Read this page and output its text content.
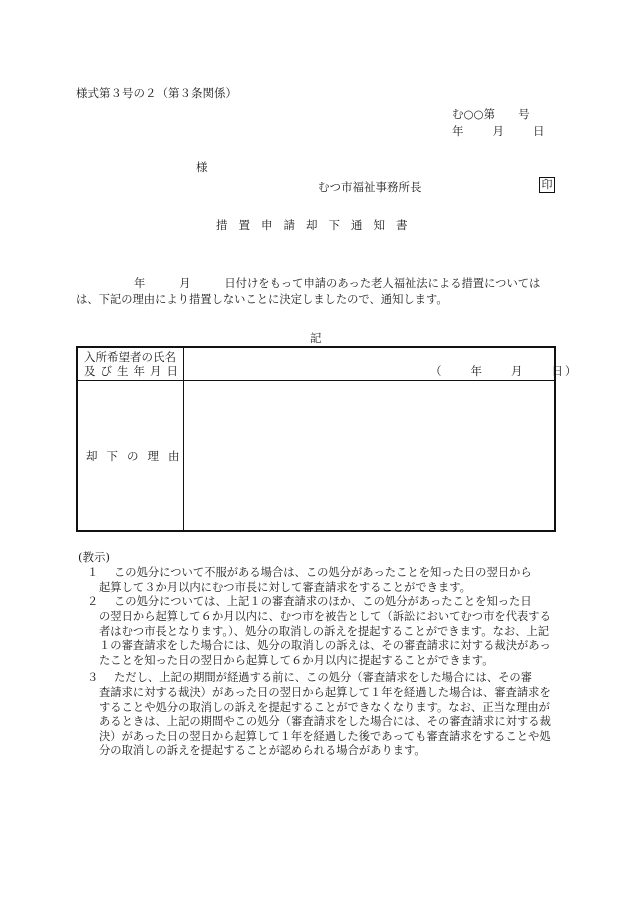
様式第３号の２（第３条関係）
む○○第　　号
年　　月　　日
様
むつ市福祉事務所長	印
措置申請却下通知書
年　　　月　　　日付けをもって申請のあった老人福祉法による措置については
は、下記の理由により措置しないことに決定しましたので、通知します。
記
入所希望者の氏名
及び生年月日	（　　年　　月　　日）
却下の理由
(教示)
１ この処分について不服がある場合は、この処分があったことを知った日の翌日から
起算して３か月以内にむつ市長に対して審査請求をすることができます。
２ この処分については、上記１の審査請求のほか、この処分があったことを知った日
の翌日から起算して６か月以内に、むつ市を被告として（訴訟においてむつ市を代表する者はむつ市長となります。）、処分の取消しの訴えを提起することができます。なお、上記１の審査請求をした場合には、処分の取消しの訴えは、その審査請求に対する裁決があったことを知った日の翌日から起算して６か月以内に提起することができます。
３ ただし、上記の期間が経過する前に、この処分（審査請求をした場合には、その審
査請求に対する裁決）があった日の翌日から起算して１年を経過した場合は、審査請求をすることや処分の取消しの訴えを提起することができなくなります。なお、正当な理由があるときは、上記の期間やこの処分（審査請求をした場合には、その審査請求に対する裁決）があった日の翌日から起算して１年を経過した後であっても審査請求をすることや処分の取消しの訴えを提起することが認められる場合があります。
